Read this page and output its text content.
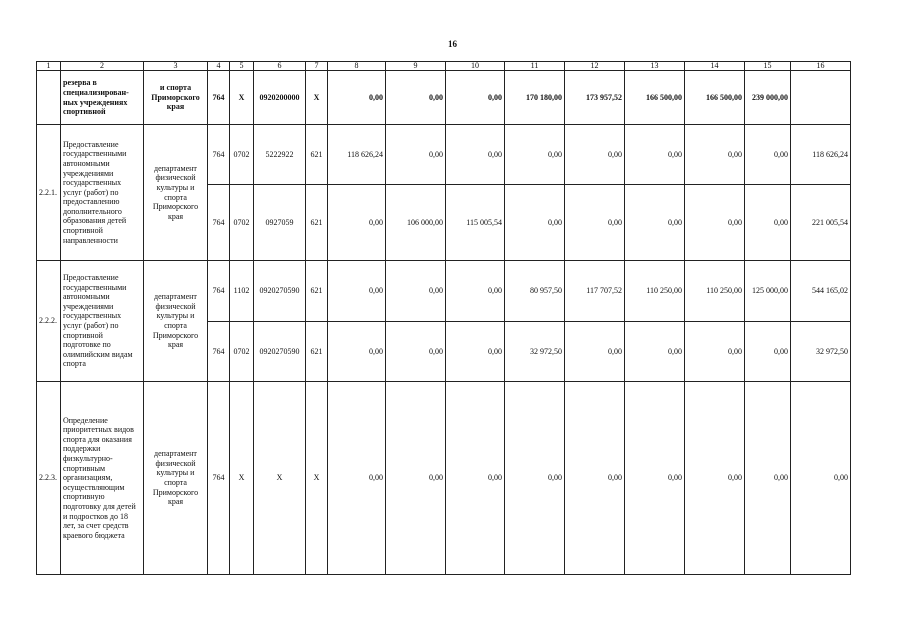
16
1	2	3	4	5	6	7	8	9	10	11	12	13	14	15	16
	резерва в специализирован-ных учреждениях спортивной	и спорта Приморского края	764	X	0920200000	X	0,00	0,00	0,00	170 180,00	173 957,52	166 500,00	166 500,00	239 000,00	
2.2.1.	Предоставление государственными автономными учреждениями государственных услуг (работ) по предоставлению дополнительного образования детей спортивной направленности	департамент физической культуры и спорта Приморского края	764	0702	5222922	621	118 626,24	0,00	0,00	0,00	0,00	0,00	0,00	0,00	118 626,24
			764	0702	0927059	621	0,00	106 000,00	115 005,54	0,00	0,00	0,00	0,00	0,00	221 005,54
2.2.2.	Предоставление государственными автономными учреждениями государственных услуг (работ) по спортивной подготовке по олимпийским видам спорта	департамент физической культуры и спорта Приморского края	764	1102	0920270590	621	0,00	0,00	0,00	80 957,50	117 707,52	110 250,00	110 250,00	125 000,00	544 165,02
			764	0702	0920270590	621	0,00	0,00	0,00	32 972,50	0,00	0,00	0,00	0,00	32 972,50
2.2.3.	Определение приоритетных видов спорта для оказания поддержки физкультурно-спортивным организациям, осуществляющим спортивную подготовку для детей и подростков до 18 лет, за счет средств краевого бюджета	департамент физической культуры и спорта Приморского края	764	X	X	X	0,00	0,00	0,00	0,00	0,00	0,00	0,00	0,00	0,00
